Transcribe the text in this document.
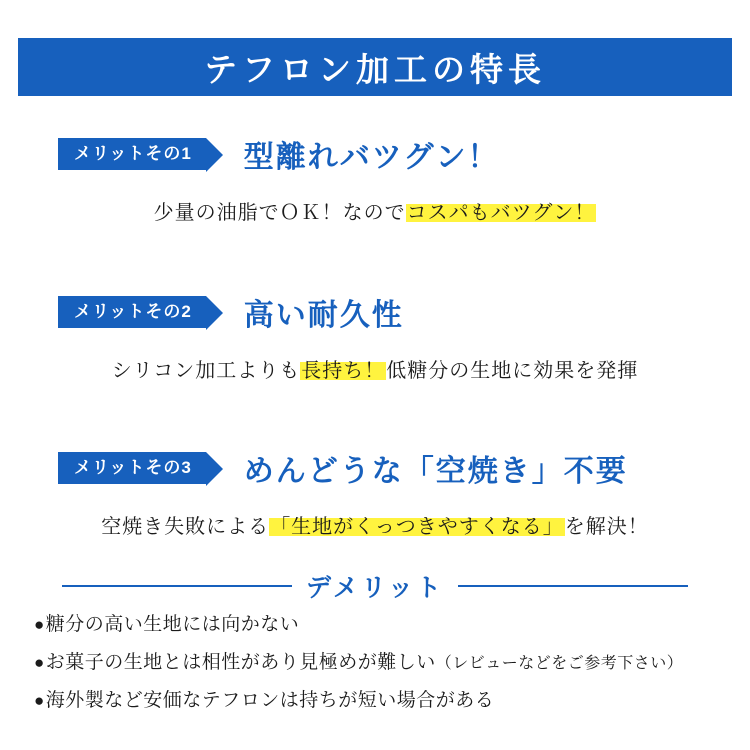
テフロン加工の特長
メリットその1	型離れバツグン！
少量の油脂でＯＫ！なのでコスパもバツグン！
メリットその2	高い耐久性
シリコン加工よりも長持ち！低糖分の生地に効果を発揮
メリットその3	めんどうな「空焼き」不要
空焼き失敗による「生地がくっつきやすくなる」を解決！
デメリット
●糖分の高い生地には向かない
●お菓子の生地とは相性があり見極めが難しい（レビューなどをご参考下さい）
●海外製など安価なテフロンは持ちが短い場合がある
